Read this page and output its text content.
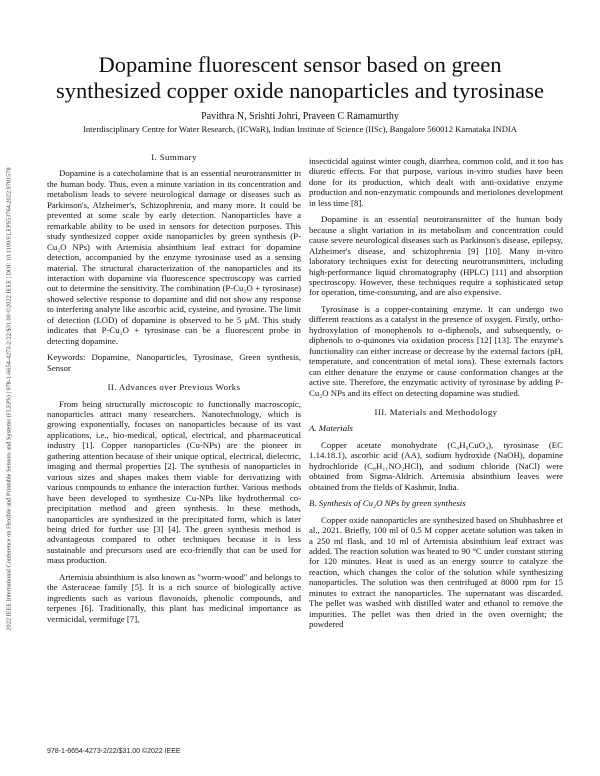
2022 IEEE International Conference on Flexible and Printable Sensors and Systems (FLEPS) | 978-1-6654-4273-2/22/$31.00 ©2022 IEEE | DOI: 10.1109/FLEPS53764.2022.9781578
Dopamine fluorescent sensor based on green
synthesized copper oxide nanoparticles and tyrosinase
Pavithra N, Srishti Johri, Praveen C Ramamurthy
Interdisciplinary Centre for Water Research, (ICWaR), Indian Institute of Science (IISc), Bangalore 560012 Karnataka INDIA
I. Summary

Dopamine is a catecholamine that is an essential neurotransmitter in the human body. Thus, even a minute variation in its concentration and metabolism leads to severe neurological damage or diseases such as Parkinson's, Alzheimer's, Schizophrenia, and many more. It could be prevented at some scale by early detection. Nanoparticles have a remarkable ability to be used in sensors for detection purposes. This study synthesized copper oxide nanoparticles by green synthesis (P-Cu₂O NPs) with Artemisia absinthium leaf extract for dopamine detection, accompanied by the enzyme tyrosinase used as a sensing material. The structural characterization of the nanoparticles and its interaction with dopamine via fluorescence spectroscopy was carried out to determine the sensitivity. The combination (P-Cu₂O + tyrosinase) showed selective response to dopamine and did not show any response to interfering analyte like ascorbic acid, cysteine, and tyrosine. The limit of detection (LOD) of dopamine is observed to be 5 μM. This study indicates that P-Cu₂O + tyrosinase can be a fluorescent probe in detecting dopamine.

Keywords: Dopamine, Nanoparticles, Tyrosinase, Green synthesis, Sensor

II. Advances over Previous Works

From being structurally microscopic to functionally macroscopic, nanoparticles attract many researchers. Nanotechnology, which is growing exponentially, focuses on nanoparticles because of its vast applications, i.e., bio-medical, optical, electrical, and pharmaceutical industry [1]. Copper nanoparticles (Cu-NPs) are the pioneer in gathering attention because of their unique optical, electrical, dielectric, imaging and thermal properties [2]. The synthesis of nanoparticles in various sizes and shapes makes them viable for derivatizing with various compounds to enhance the interaction further. Various methods have been developed to synthesize Cu-NPs like hydrothermal co-precipitation method and green synthesis. In these methods, nanoparticles are synthesized in the precipitated form, which is later being dried for further use [3] [4]. The green synthesis method is advantageous compared to other techniques because it is less sustainable and precursors used are eco-friendly that can be used for mass production.

Artemisia absinthium is also known as "worm-wood" and belongs to the Asteraceae family [5]. It is a rich source of biologically active ingredients such as various flavonoids, phenolic compounds, and terpenes [6]. Traditionally, this plant has medicinal importance as vermicidal, vermifuge [7],

insecticidal against winter cough, diarrhea, common cold, and it too has diuretic effects. For that purpose, various in-vitro studies have been done for its production, which dealt with anti-oxidative enzyme production and non-enzymatic compounds and meriolones development in less time [8].

Dopamine is an essential neurotransmitter of the human body because a slight variation in its metabolism and concentration could cause severe neurological diseases such as Parkinson's disease, epilepsy, Alzheimer's disease, and schizophrenia [9] [10]. Many in-vitro laboratory techniques exist for detecting neurotransmitters, including high-performance liquid chromatography (HPLC) [11] and absorption spectroscopy. However, these techniques require a sophisticated setup for operation, time-consuming, and are also expensive.

Tyrosinase is a copper-containing enzyme. It can undergo two different reactions as a catalyst in the presence of oxygen. Firstly, ortho-hydroxylation of monophenols to o-diphenols, and subsequently, o-diphenols to o-quinones via oxidation process [12] [13]. The enzyme's functionality can either increase or decrease by the external factors (pH, temperature, and concentration of metal ions). These externals factors can either denature the enzyme or cause conformation changes at the active site. Therefore, the enzymatic activity of tyrosinase by adding P-Cu₂O NPs and its effect on detecting dopamine was studied.

III. Materials and Methodology
A. Materials

Copper acetate monohydrate (C₄H₆CuO₄), tyrosinase (EC 1.14.18.1), ascorbic acid (AA), sodium hydroxide (NaOH), dopamine hydrochloride (C₈H₁₁NO₂HCl), and sodium chloride (NaCl) were obtained from Sigma-Aldrich. Artemisia absinthium leaves were obtained from the fields of Kashmir, India.

B. Synthesis of Cu₂O NPs by green synthesis

Copper oxide nanoparticles are synthesized based on Shubhashree et al., 2021. Briefly, 100 ml of 0.5 M copper acetate solution was taken in a 250 ml flask, and 10 ml of Artemisia absinthium leaf extract was added. The reaction solution was heated to 90 °C under constant stirring for 120 minutes. Heat is used as an energy source to catalyze the reaction, which changes the color of the solution while synthesizing nanoparticles. The solution was then centrifuged at 8000 rpm for 15 minutes to extract the nanoparticles. The supernatant was discarded. The pellet was washed with distilled water and ethanol to remove the impurities. The pellet was then dried in the oven overnight; the powdered

978-1-6654-4273-2/22/$31.00 ©2022 IEEE
